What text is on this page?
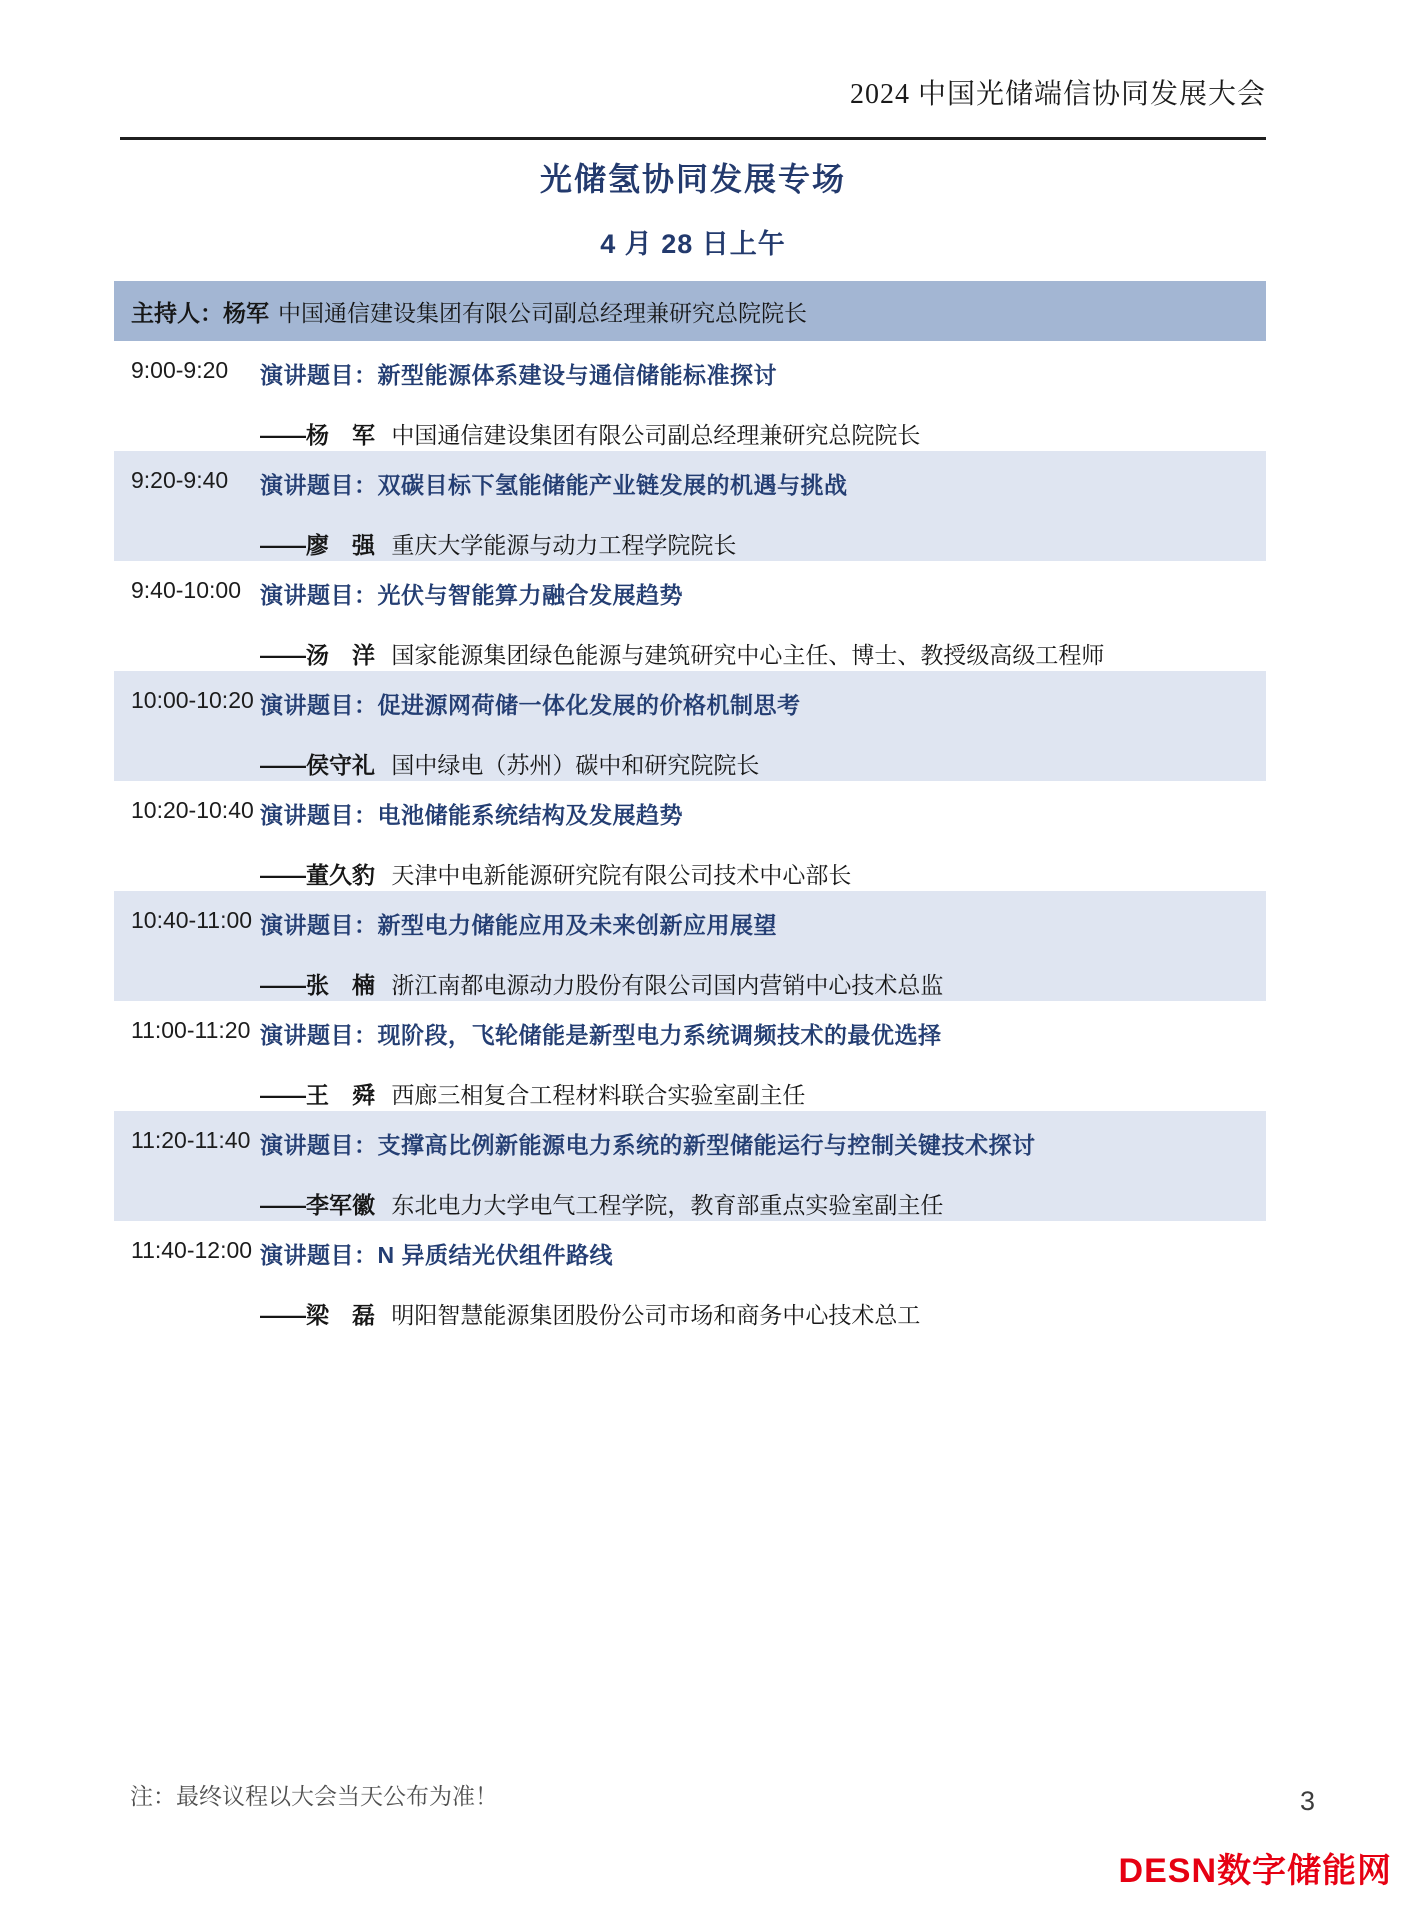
2024 中国光储端信协同发展大会
光储氢协同发展专场
4 月 28 日上午
主持人：杨军 中国通信建设集团有限公司副总经理兼研究总院院长
9:00-9:20	演讲题目：新型能源体系建设与通信储能标准探讨
——杨　军 中国通信建设集团有限公司副总经理兼研究总院院长
9:20-9:40	演讲题目：双碳目标下氢能储能产业链发展的机遇与挑战
——廖　强 重庆大学能源与动力工程学院院长
9:40-10:00 演讲题目：光伏与智能算力融合发展趋势
——汤　洋 国家能源集团绿色能源与建筑研究中心主任、博士、教授级高级工程师
10:00-10:20 演讲题目：促进源网荷储一体化发展的价格机制思考
——侯守礼 国中绿电（苏州）碳中和研究院院长
10:20-10:40 演讲题目：电池储能系统结构及发展趋势
——董久豹 天津中电新能源研究院有限公司技术中心部长
10:40-11:00 演讲题目：新型电力储能应用及未来创新应用展望
——张　楠 浙江南都电源动力股份有限公司国内营销中心技术总监
11:00-11:20 演讲题目：现阶段，飞轮储能是新型电力系统调频技术的最优选择
——王　舜 西廊三相复合工程材料联合实验室副主任
11:20-11:40 演讲题目：支撑高比例新能源电力系统的新型储能运行与控制关键技术探讨
——李军徽 东北电力大学电气工程学院，教育部重点实验室副主任
11:40-12:00 演讲题目：N 异质结光伏组件路线
——梁　磊 明阳智慧能源集团股份公司市场和商务中心技术总工
注：最终议程以大会当天公布为准！	3
DESN数字储能网
